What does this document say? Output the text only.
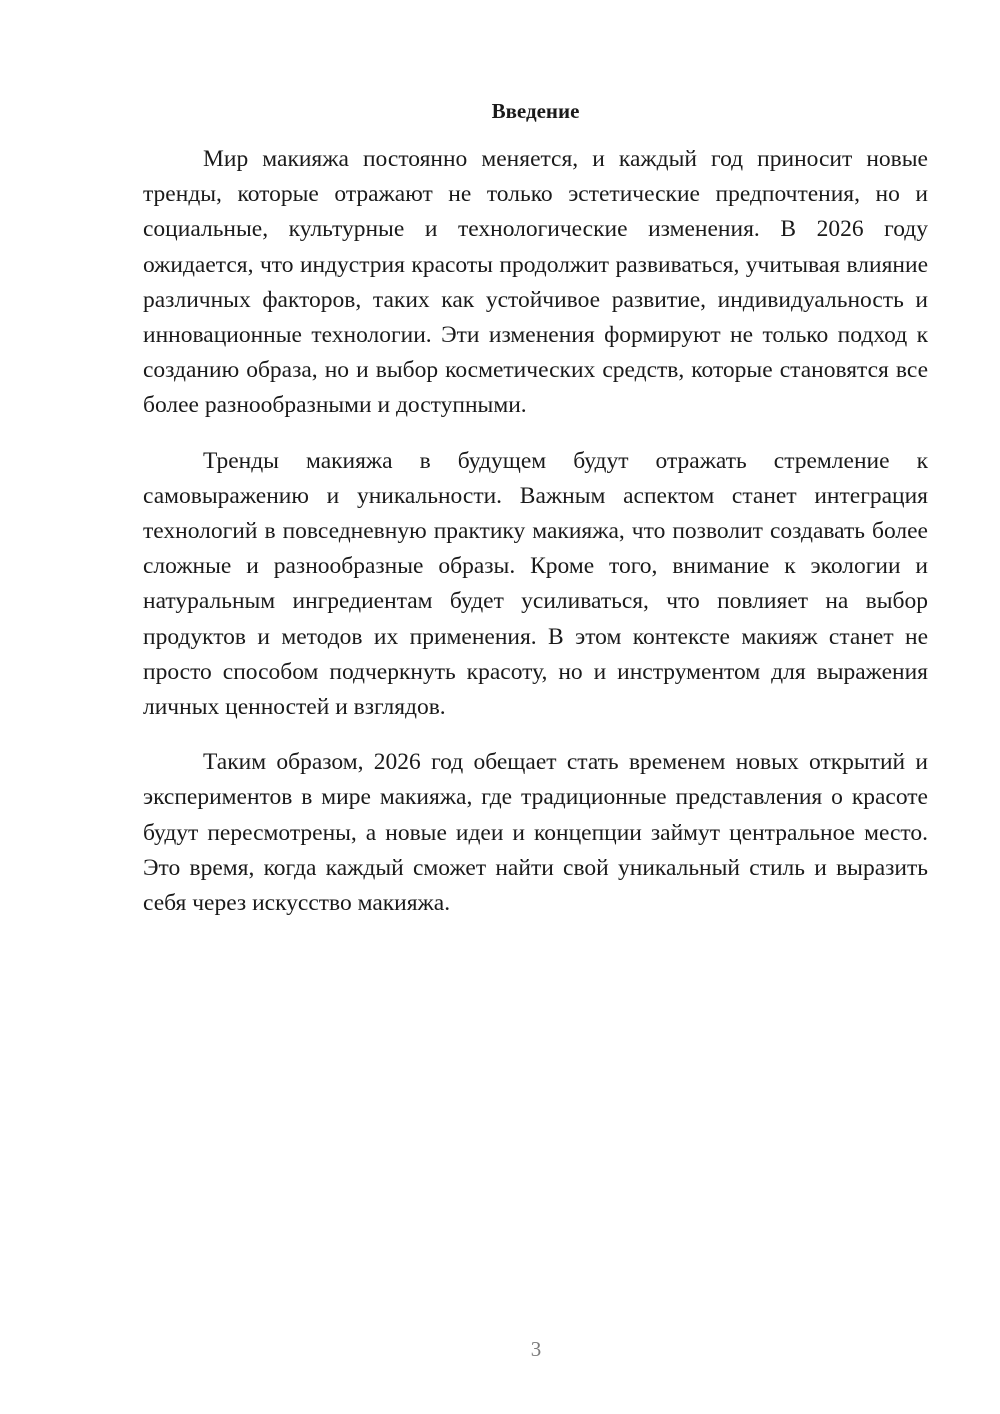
Введение

Мир макияжа постоянно меняется, и каждый год приносит новые тренды, которые отражают не только эстетические предпочтения, но и социальные, культурные и технологические изменения. В 2026 году ожидается, что индустрия красоты продолжит развиваться, учитывая влияние различных факторов, таких как устойчивое развитие, индивидуальность и инновационные технологии. Эти изменения формируют не только подход к созданию образа, но и выбор косметических средств, которые становятся все более разнообразными и доступными.

Тренды макияжа в будущем будут отражать стремление к самовыражению и уникальности. Важным аспектом станет интеграция технологий в повседневную практику макияжа, что позволит создавать более сложные и разнообразные образы. Кроме того, внимание к экологии и натуральным ингредиентам будет усиливаться, что повлияет на выбор продуктов и методов их применения. В этом контексте макияж станет не просто способом подчеркнуть красоту, но и инструментом для выражения личных ценностей и взглядов.

Таким образом, 2026 год обещает стать временем новых открытий и экспериментов в мире макияжа, где традиционные представления о красоте будут пересмотрены, а новые идеи и концепции займут центральное место. Это время, когда каждый сможет найти свой уникальный стиль и выразить себя через искусство макияжа.

3
